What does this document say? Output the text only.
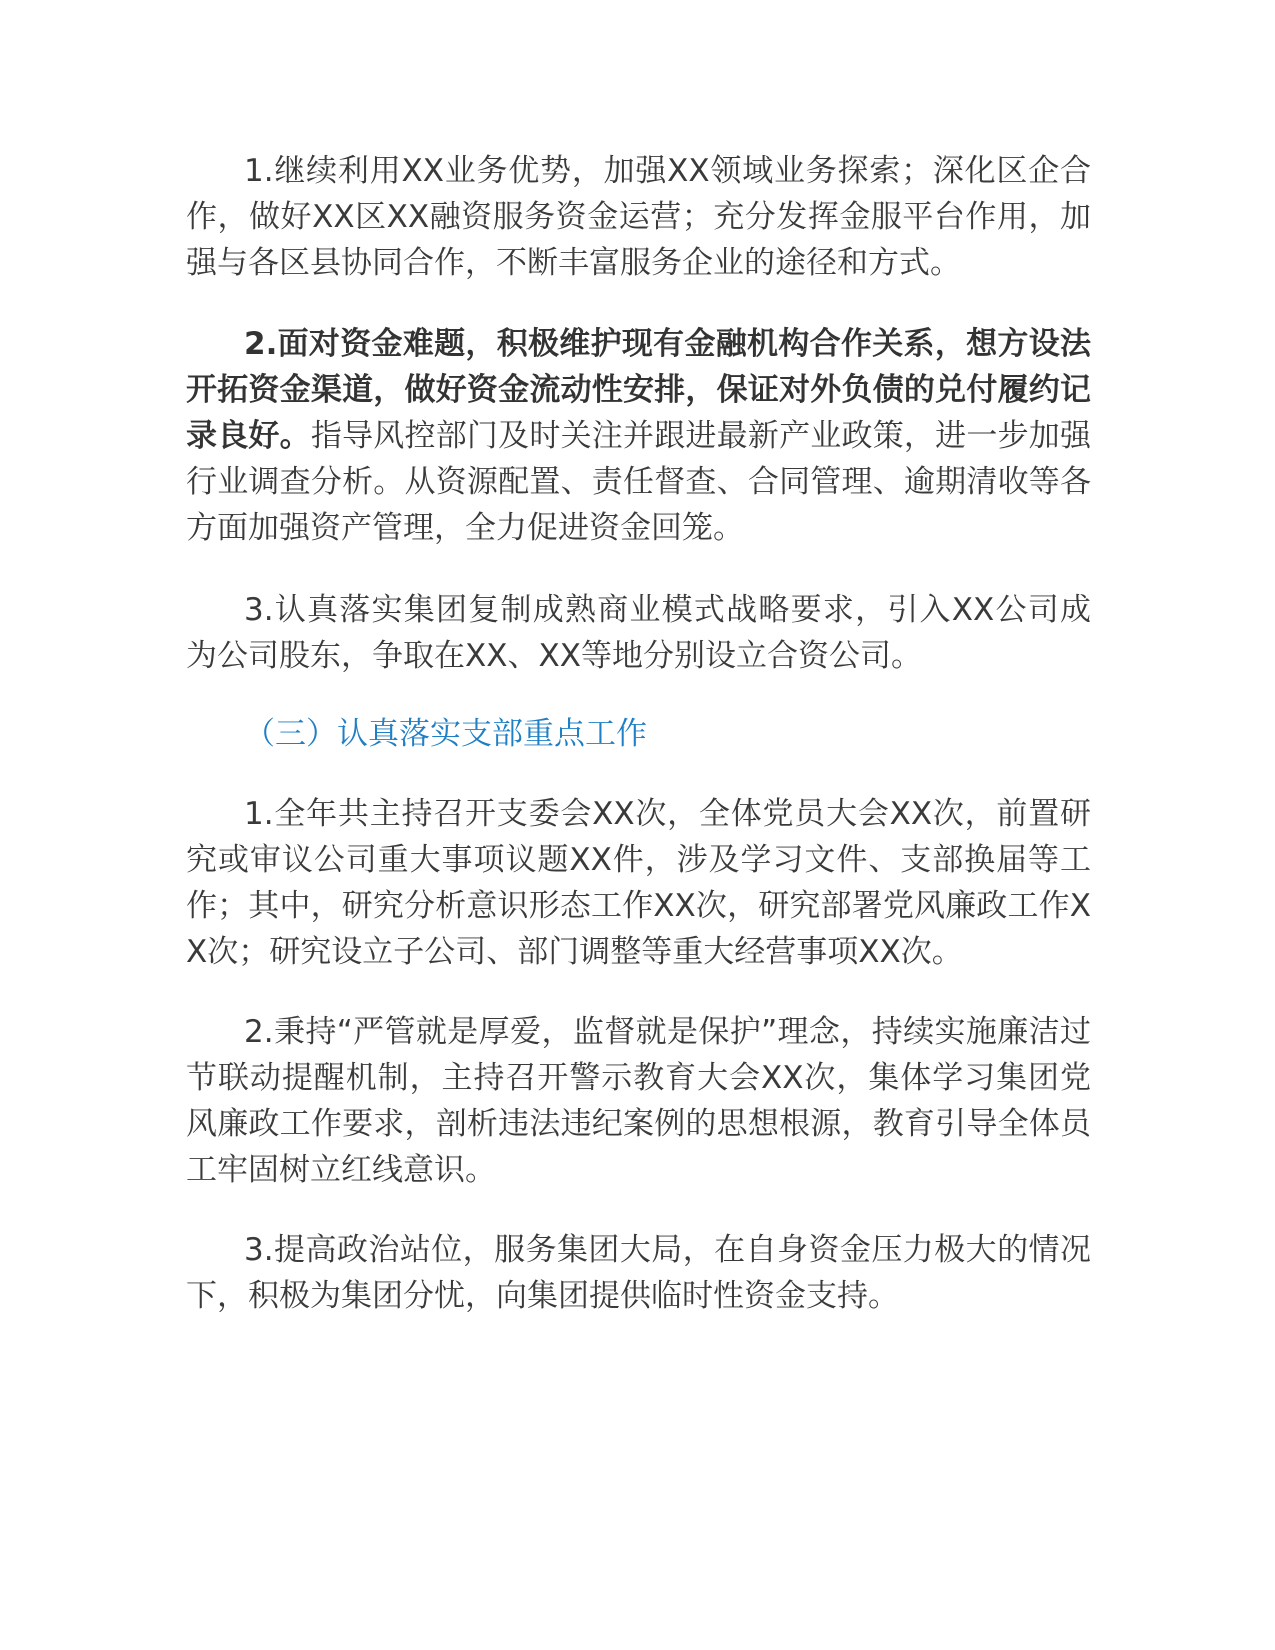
1.继续利用XX业务优势，加强XX领域业务探索；深化区企合作，做好XX区XX融资服务资金运营；充分发挥金服平台作用，加强与各区县协同合作，不断丰富服务企业的途径和方式。

2.面对资金难题，积极维护现有金融机构合作关系，想方设法开拓资金渠道，做好资金流动性安排，保证对外负债的兑付履约记录良好。指导风控部门及时关注并跟进最新产业政策，进一步加强行业调查分析。从资源配置、责任督查、合同管理、逾期清收等各方面加强资产管理，全力促进资金回笼。

3.认真落实集团复制成熟商业模式战略要求，引入XX公司成为公司股东，争取在XX、XX等地分别设立合资公司。

（三）认真落实支部重点工作

1.全年共主持召开支委会XX次，全体党员大会XX次，前置研究或审议公司重大事项议题XX件，涉及学习文件、支部换届等工作；其中，研究分析意识形态工作XX次，研究部署党风廉政工作XX次；研究设立子公司、部门调整等重大经营事项XX次。

2.秉持“严管就是厚爱，监督就是保护”理念，持续实施廉洁过节联动提醒机制，主持召开警示教育大会XX次，集体学习集团党风廉政工作要求，剖析违法违纪案例的思想根源，教育引导全体员工牢固树立红线意识。

3.提高政治站位，服务集团大局，在自身资金压力极大的情况下，积极为集团分忧，向集团提供临时性资金支持。
